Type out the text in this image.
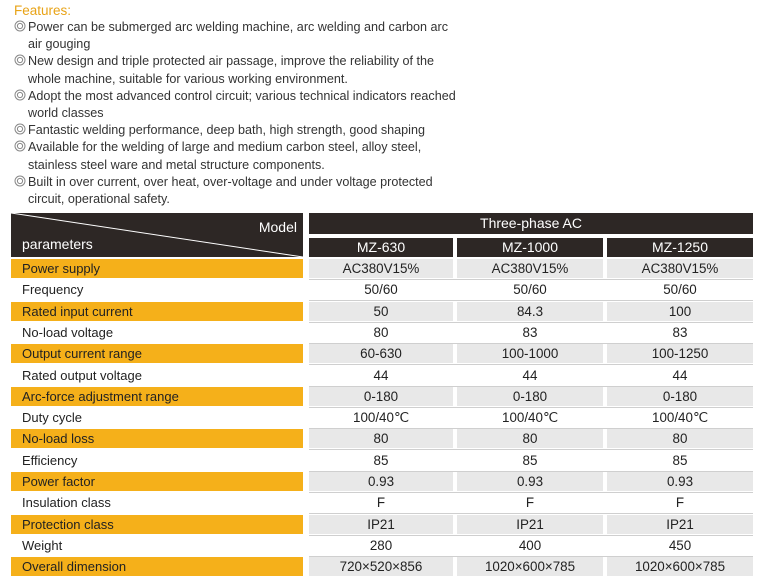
Features:
Power can be submerged arc welding machine, arc welding and carbon arc
air gouging
New design and triple protected air passage, improve the reliability of the
whole machine, suitable for various working environment.
Adopt the most advanced control circuit; various technical indicators reached
world classes
Fantastic welding performance, deep bath, high strength, good shaping
Available for the welding of large and medium carbon steel, alloy steel,
stainless steel ware and metal structure components.
Built in over current, over heat, over-voltage and under voltage protected
circuit, operational safety.
Model
parameters
Three-phase AC
MZ-630	MZ-1000	MZ-1250
Power supply	AC380V15%	AC380V15%	AC380V15%
Frequency	50/60	50/60	50/60
Rated input current	50	84.3	100
No-load voltage	80	83	83
Output current range	60-630	100-1000	100-1250
Rated output voltage	44	44	44
Arc-force adjustment range	0-180	0-180	0-180
Duty cycle	100/40℃	100/40℃	100/40℃
No-load loss	80	80	80
Efficiency	85	85	85
Power factor	0.93	0.93	0.93
Insulation class	F	F	F
Protection class	IP21	IP21	IP21
Weight	280	400	450
Overall dimension	720×520×856	1020×600×785	1020×600×785
